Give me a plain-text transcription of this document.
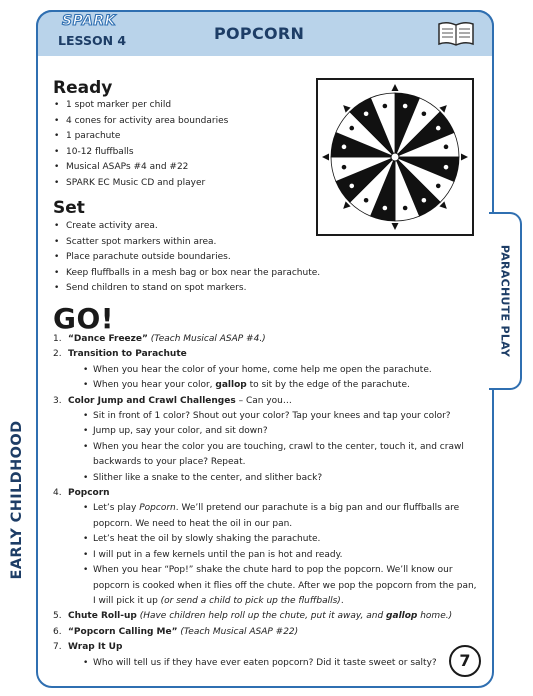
SPARK
LESSON 4	POPCORN
PARACHUTE PLAY
EARLY CHILDHOOD
Ready
• 1 spot marker per child
• 4 cones for activity area boundaries
• 1 parachute
• 10-12 fluffballs
• Musical ASAPs #4 and #22
• SPARK EC Music CD and player
Set
• Create activity area.
• Scatter spot markers within area.
• Place parachute outside boundaries.
• Keep fluffballs in a mesh bag or box near the parachute.
• Send children to stand on spot markers.
GO!
1. “Dance Freeze” (Teach Musical ASAP #4.)
2. Transition to Parachute
• When you hear the color of your home, come help me open the parachute.
• When you hear your color, gallop to sit by the edge of the parachute.
3. Color Jump and Crawl Challenges – Can you…
• Sit in front of 1 color? Shout out your color? Tap your knees and tap your color?
• Jump up, say your color, and sit down?
• When you hear the color you are touching, crawl to the center, touch it, and crawl
backwards to your place? Repeat.
• Slither like a snake to the center, and slither back?
4. Popcorn
• Let’s play Popcorn. We’ll pretend our parachute is a big pan and our fluffballs are
popcorn. We need to heat the oil in our pan.
• Let’s heat the oil by slowly shaking the parachute.
• I will put in a few kernels until the pan is hot and ready.
• When you hear “Pop!” shake the chute hard to pop the popcorn. We’ll know our
popcorn is cooked when it flies off the chute. After we pop the popcorn from the pan,
I will pick it up (or send a child to pick up the fluffballs).
5. Chute Roll-up (Have children help roll up the chute, put it away, and gallop home.)
6. “Popcorn Calling Me” (Teach Musical ASAP #22)
7. Wrap It Up
• Who will tell us if they have ever eaten popcorn? Did it taste sweet or salty?	7
